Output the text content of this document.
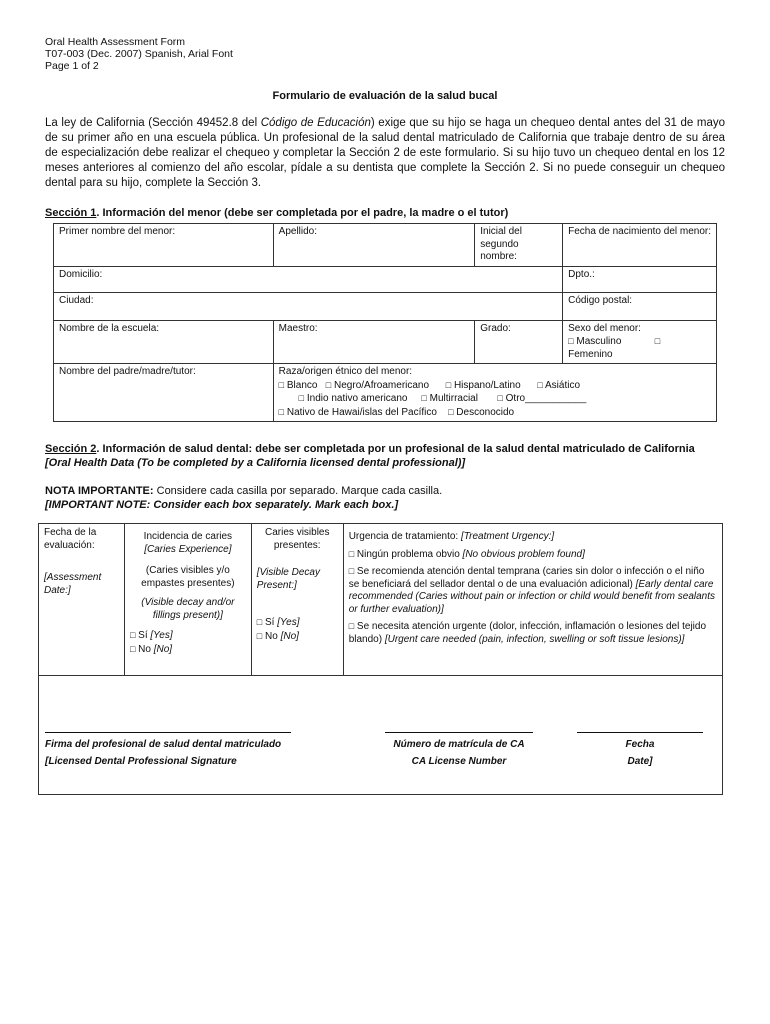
Oral Health Assessment Form
T07-003 (Dec. 2007) Spanish, Arial Font
Page 1 of 2
Formulario de evaluación de la salud bucal
La ley de California (Sección 49452.8 del Código de Educación) exige que su hijo se haga un chequeo dental antes del 31 de mayo de su primer año en una escuela pública. Un profesional de la salud dental matriculado de California que trabaje dentro de su área de especialización debe realizar el chequeo y completar la Sección 2 de este formulario. Si su hijo tuvo un chequeo dental en los 12 meses anteriores al comienzo del año escolar, pídale a su dentista que complete la Sección 2. Si no puede conseguir un chequeo dental para su hijo, complete la Sección 3.
Sección 1. Información del menor (debe ser completada por el padre, la madre o el tutor)
Primer nombre del menor:	Apellido:	Inicial del segundo nombre:	Fecha de nacimiento del menor:
Domicilio:			Dpto.:
Ciudad:			Código postal:
Nombre de la escuela:	Maestro:	Grado:	Sexo del menor:
□ Masculino □
Femenino

Nombre del padre/madre/tutor:	Raza/origen étnico del menor:
□ Blanco □ Negro/Afroamericano □ Hispano/Latino □ Asiático
□ Indio nativo americano □ Multirracial □ Otro___________
□ Nativo de Hawai/islas del Pacífico □ Desconocido		
Sección 2. Información de salud dental: debe ser completada por un profesional de la salud dental matriculado de California
[Oral Health Data (To be completed by a California licensed dental professional)]
NOTA IMPORTANTE: Considere cada casilla por separado. Marque cada casilla.
[IMPORTANT NOTE: Consider each box separately. Mark each box.]
Fecha de la evaluación:
[Assessment Date:]

Incidencia de caries
[Caries Experience]
(Caries visibles y/o empastes presentes)
(Visible decay and/or fillings present)]
□ Sí [Yes]
□ No [No]

Caries visibles presentes:
[Visible Decay Present:]
□ Sí [Yes]
□ No [No]

Urgencia de tratamiento: [Treatment Urgency:]
□ Ningún problema obvio [No obvious problem found]
□ Se recomienda atención dental temprana (caries sin dolor o infección o el niño se beneficiará del sellador dental o de una evaluación adicional) [Early dental care recommended (Caries without pain or infection or child would benefit from sealants or further evaluation)]
□ Se necesita atención urgente (dolor, infección, inflamación o lesiones del tejido blando) [Urgent care needed (pain, infection, swelling or soft tissue lesions)]

Firma del profesional de salud dental matriculado
[Licensed Dental Professional Signature
Número de matrícula de CA
CA License Number
Fecha
Date]
